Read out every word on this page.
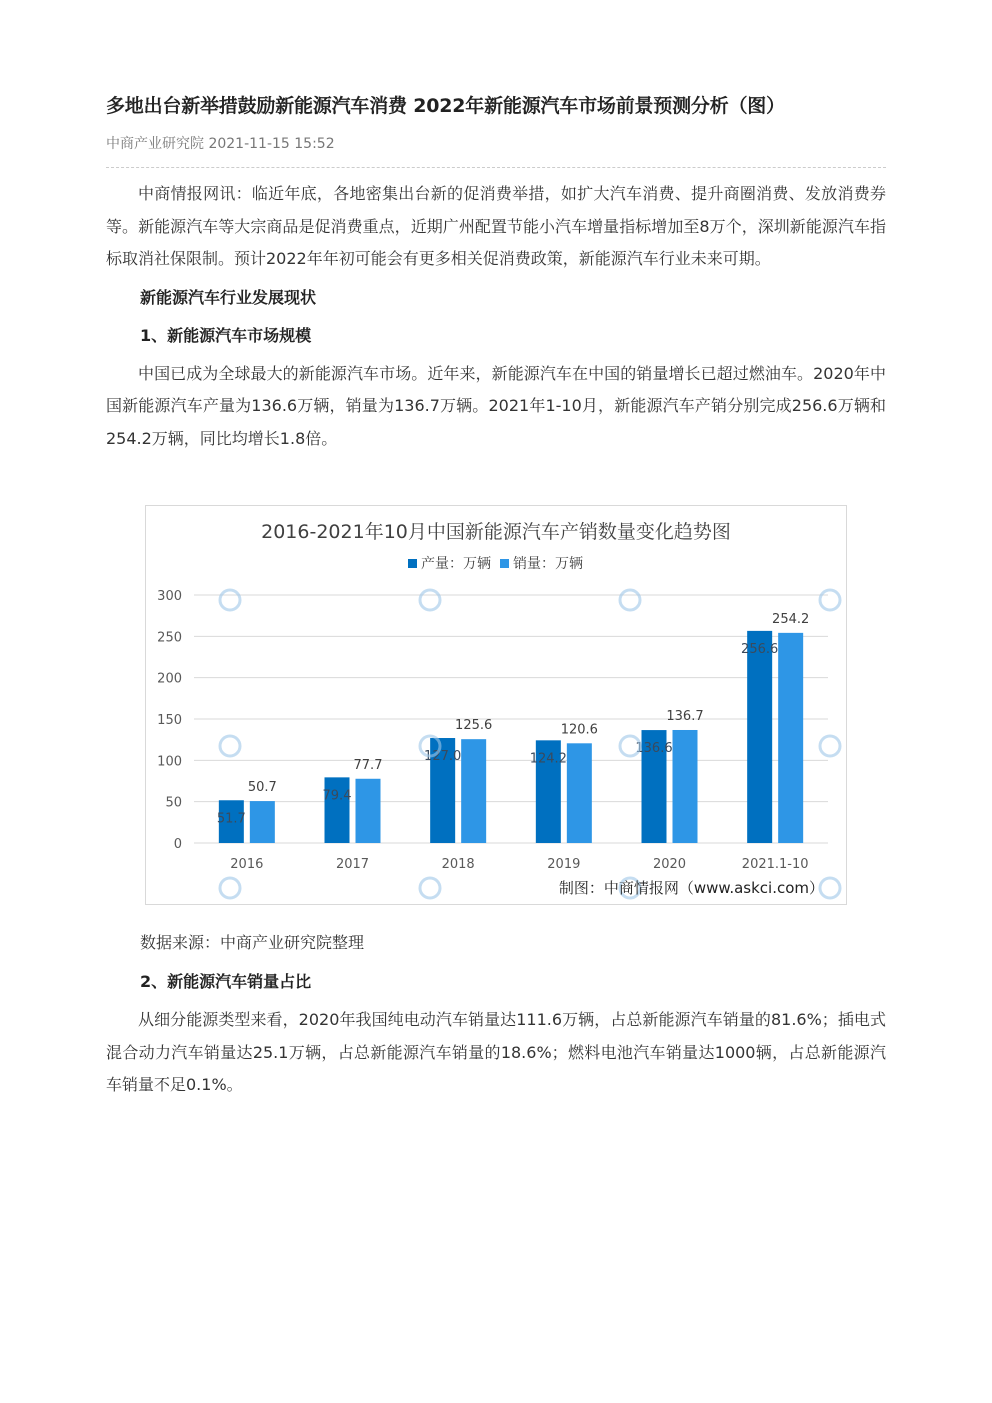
多地出台新举措鼓励新能源汽车消费 2022年新能源汽车市场前景预测分析（图）
中商产业研究院 2021-11-15 15:52

中商情报网讯：临近年底，各地密集出台新的促消费举措，如扩大汽车消费、提升商圈消费、发放消费券等。新能源汽车等大宗商品是促消费重点，近期广州配置节能小汽车增量指标增加至8万个，深圳新能源汽车指标取消社保限制。预计2022年年初可能会有更多相关促消费政策，新能源汽车行业未来可期。

新能源汽车行业发展现状

1、新能源汽车市场规模

中国已成为全球最大的新能源汽车市场。近年来，新能源汽车在中国的销量增长已超过燃油车。2020年中国新能源汽车产量为136.6万辆，销量为136.7万辆。2021年1-10月，新能源汽车产销分别完成256.6万辆和254.2万辆，同比均增长1.8倍。

2016-2021年10月中国新能源汽车产销数量变化趋势图
产量：万辆 销量：万辆
0
50
100
150
200
250
300
51.7
50.7
2016
79.4
77.7
2017
127.0
125.6
2018
124.2
120.6
2019
136.6
136.7
2020
256.6
254.2
2021.1-10
制图：中商情报网（www.askci.com）
数据来源：中商产业研究院整理

2、新能源汽车销量占比

从细分能源类型来看，2020年我国纯电动汽车销量达111.6万辆，占总新能源汽车销量的81.6%；插电式混合动力汽车销量达25.1万辆，占总新能源汽车销量的18.6%；燃料电池汽车销量达1000辆，占总新能源汽车销量不足0.1%。
